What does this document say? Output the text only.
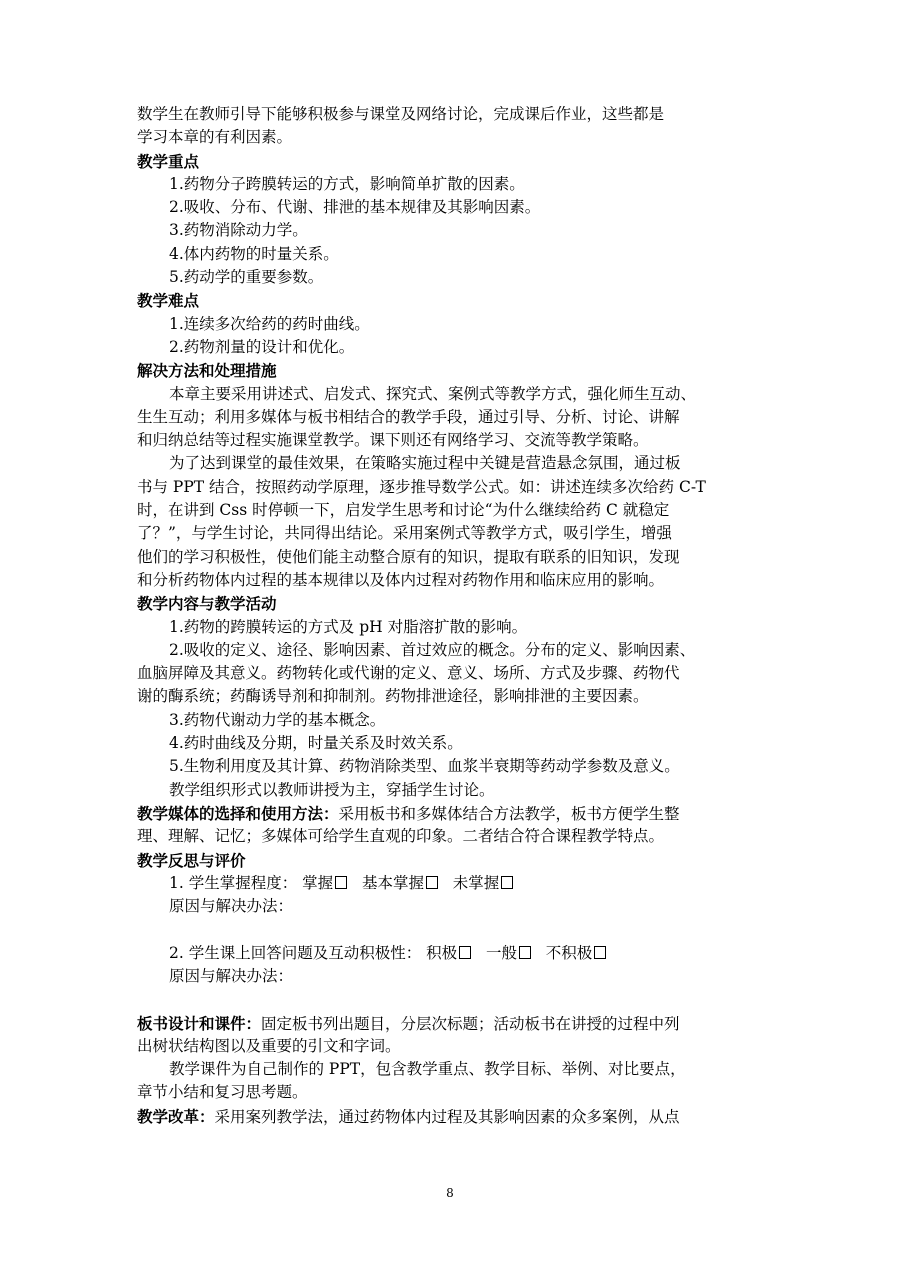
数学生在教师引导下能够积极参与课堂及网络讨论，完成课后作业，这些都是
学习本章的有利因素。
教学重点
1.药物分子跨膜转运的方式，影响简单扩散的因素。
2.吸收、分布、代谢、排泄的基本规律及其影响因素。
3.药物消除动力学。
4.体内药物的时量关系。
5.药动学的重要参数。
教学难点
1.连续多次给药的药时曲线。
2.药物剂量的设计和优化。
解决方法和处理措施
本章主要采用讲述式、启发式、探究式、案例式等教学方式，强化师生互动、
生生互动；利用多媒体与板书相结合的教学手段，通过引导、分析、讨论、讲解
和归纳总结等过程实施课堂教学。课下则还有网络学习、交流等教学策略。
为了达到课堂的最佳效果，在策略实施过程中关键是营造悬念氛围，通过板
书与 PPT 结合，按照药动学原理，逐步推导数学公式。如：讲述连续多次给药 C-T
时，在讲到 Css 时停顿一下，启发学生思考和讨论“为什么继续给药 C 就稳定
了？”，与学生讨论，共同得出结论。采用案例式等教学方式，吸引学生，增强
他们的学习积极性，使他们能主动整合原有的知识，提取有联系的旧知识，发现
和分析药物体内过程的基本规律以及体内过程对药物作用和临床应用的影响。
教学内容与教学活动
1.药物的跨膜转运的方式及 pH 对脂溶扩散的影响。
2.吸收的定义、途径、影响因素、首过效应的概念。分布的定义、影响因素、
血脑屏障及其意义。药物转化或代谢的定义、意义、场所、方式及步骤、药物代
谢的酶系统；药酶诱导剂和抑制剂。药物排泄途径，影响排泄的主要因素。
3.药物代谢动力学的基本概念。
4.药时曲线及分期，时量关系及时效关系。
5.生物利用度及其计算、药物消除类型、血浆半衰期等药动学参数及意义。
教学组织形式以教师讲授为主，穿插学生讨论。
教学媒体的选择和使用方法：采用板书和多媒体结合方法教学，板书方便学生整
理、理解、记忆；多媒体可给学生直观的印象。二者结合符合课程教学特点。
教学反思与评价
1. 学生掌握程度： 掌握 基本掌握 未掌握
原因与解决办法：
2. 学生课上回答问题及互动积极性： 积极 一般 不积极
原因与解决办法：
板书设计和课件：固定板书列出题目，分层次标题；活动板书在讲授的过程中列
出树状结构图以及重要的引文和字词。
教学课件为自己制作的 PPT，包含教学重点、教学目标、举例、对比要点，
章节小结和复习思考题。
教学改革：采用案列教学法，通过药物体内过程及其影响因素的众多案例，从点
8
